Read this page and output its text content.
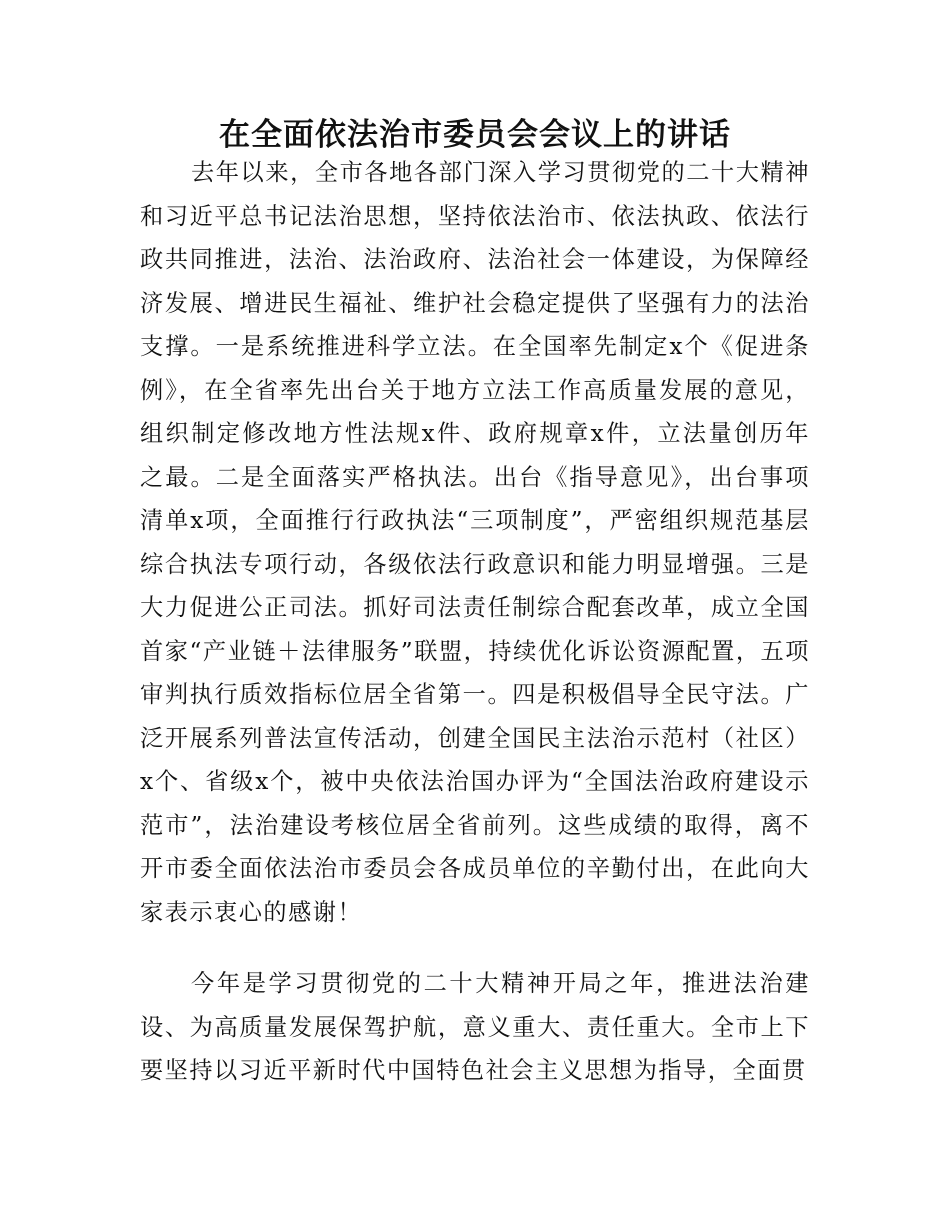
在全面依法治市委员会会议上的讲话

去年以来，全市各地各部门深入学习贯彻党的二十大精神和习近平总书记法治思想，坚持依法治市、依法执政、依法行政共同推进，法治、法治政府、法治社会一体建设，为保障经济发展、增进民生福祉、维护社会稳定提供了坚强有力的法治支撑。一是系统推进科学立法。在全国率先制定x个《促进条例》，在全省率先出台关于地方立法工作高质量发展的意见，组织制定修改地方性法规x件、政府规章x件，立法量创历年之最。二是全面落实严格执法。出台《指导意见》，出台事项清单x项，全面推行行政执法“三项制度”，严密组织规范基层综合执法专项行动，各级依法行政意识和能力明显增强。三是大力促进公正司法。抓好司法责任制综合配套改革，成立全国首家“产业链＋法律服务”联盟，持续优化诉讼资源配置，五项审判执行质效指标位居全省第一。四是积极倡导全民守法。广泛开展系列普法宣传活动，创建全国民主法治示范村（社区）x个、省级x个，被中央依法治国办评为“全国法治政府建设示范市”，法治建设考核位居全省前列。这些成绩的取得，离不开市委全面依法治市委员会各成员单位的辛勤付出，在此向大家表示衷心的感谢！

今年是学习贯彻党的二十大精神开局之年，推进法治建设、为高质量发展保驾护航，意义重大、责任重大。全市上下要坚持以习近平新时代中国特色社会主义思想为指导，全面贯
